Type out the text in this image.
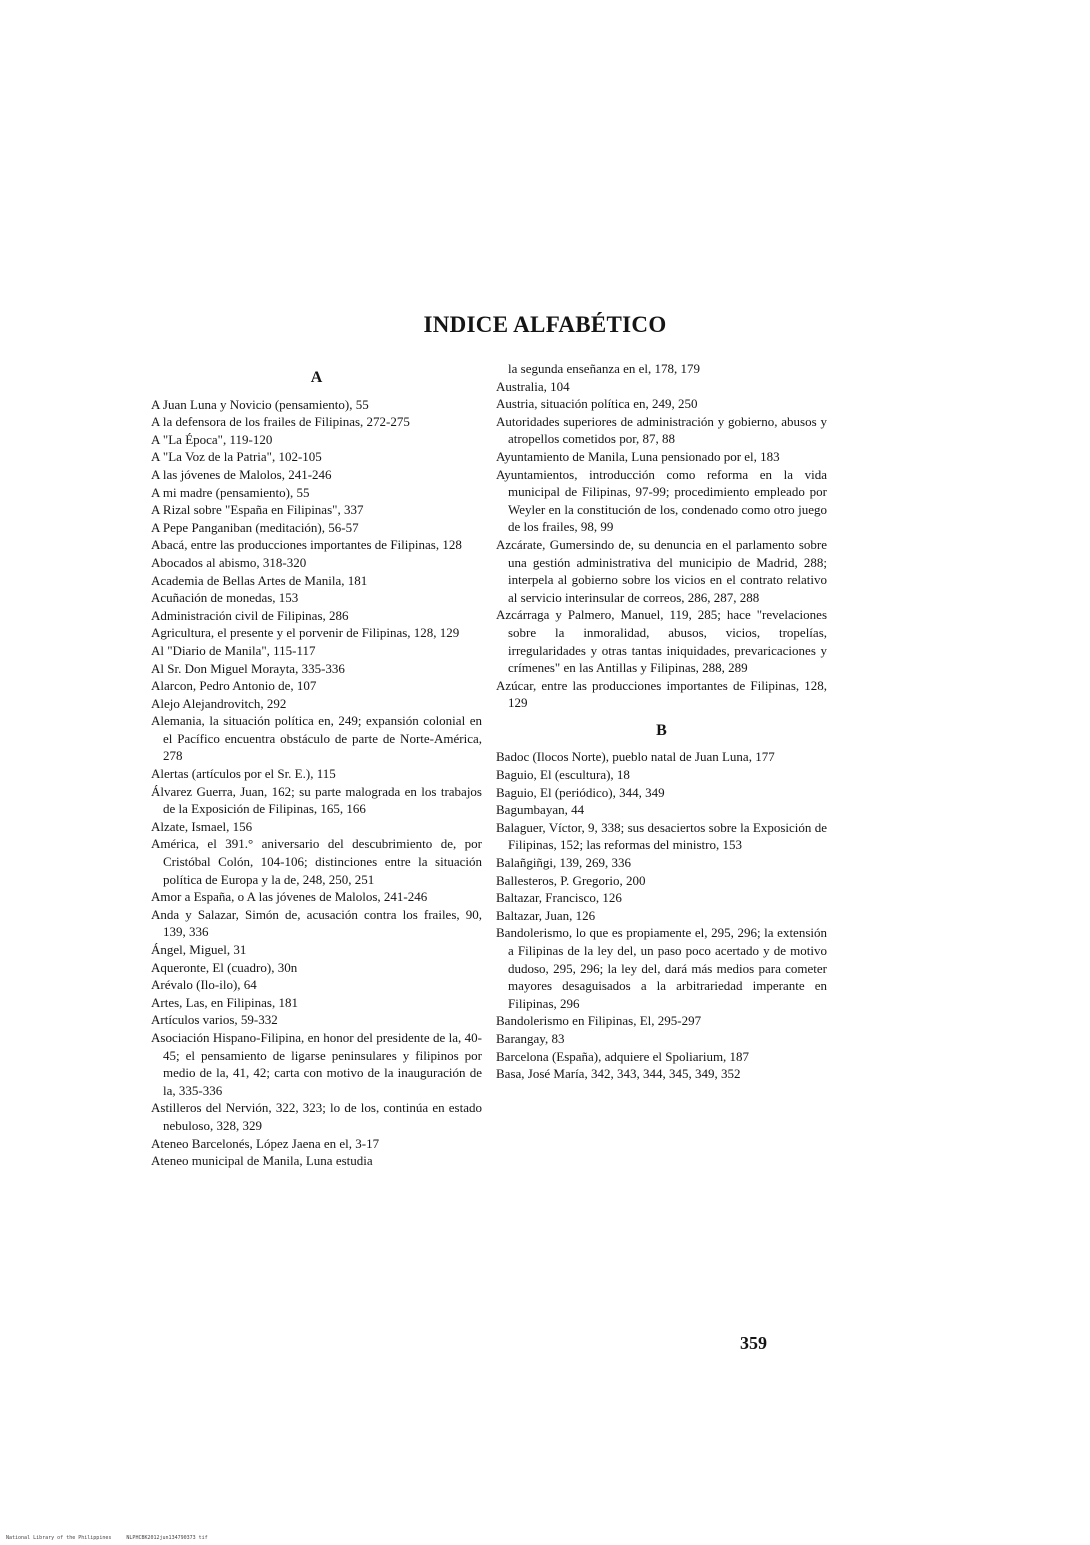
INDICE ALFABÉTICO
A

A Juan Luna y Novicio (pensamiento), 55

A la defensora de los frailes de Filipinas, 272-275

A "La Época", 119-120

A "La Voz de la Patria", 102-105

A las jóvenes de Malolos, 241-246

A mi madre (pensamiento), 55

A Rizal sobre "España en Filipinas", 337

A Pepe Panganiban (meditación), 56-57

Abacá, entre las producciones importantes de Filipinas, 128

Abocados al abismo, 318-320

Academia de Bellas Artes de Manila, 181

Acuñación de monedas, 153

Administración civil de Filipinas, 286

Agricultura, el presente y el porvenir de Filipinas, 128, 129

Al "Diario de Manila", 115-117

Al Sr. Don Miguel Morayta, 335-336

Alarcon, Pedro Antonio de, 107

Alejo Alejandrovitch, 292

Alemania, la situación política en, 249; expansión colonial en el Pacífico encuentra obstáculo de parte de Norte-América, 278

Alertas (artículos por el Sr. E.), 115

Álvarez Guerra, Juan, 162; su parte malograda en los trabajos de la Exposición de Filipinas, 165, 166

Alzate, Ismael, 156

América, el 391.° aniversario del descubrimiento de, por Cristóbal Colón, 104-106; distinciones entre la situación política de Europa y la de, 248, 250, 251

Amor a España, o A las jóvenes de Malolos, 241-246

Anda y Salazar, Simón de, acusación contra los frailes, 90, 139, 336

Ángel, Miguel, 31

Aqueronte, El (cuadro), 30n

Arévalo (Ilo-ilo), 64

Artes, Las, en Filipinas, 181

Artículos varios, 59-332

Asociación Hispano-Filipina, en honor del presidente de la, 40-45; el pensamiento de ligarse peninsulares y filipinos por medio de la, 41, 42; carta con motivo de la inauguración de la, 335-336

Astilleros del Nervión, 322, 323; lo de los, continúa en estado nebuloso, 328, 329

Ateneo Barcelonés, López Jaena en el, 3-17

Ateneo municipal de Manila, Luna estudia

la segunda enseñanza en el, 178, 179

Australia, 104

Austria, situación política en, 249, 250

Autoridades superiores de administración y gobierno, abusos y atropellos cometidos por, 87, 88

Ayuntamiento de Manila, Luna pensionado por el, 183

Ayuntamientos, introducción como reforma en la vida municipal de Filipinas, 97-99; procedimiento empleado por Weyler en la constitución de los, condenado como otro juego de los frailes, 98, 99

Azcárate, Gumersindo de, su denuncia en el parlamento sobre una gestión administrativa del municipio de Madrid, 288; interpela al gobierno sobre los vicios en el contrato relativo al servicio interinsular de correos, 286, 287, 288

Azcárraga y Palmero, Manuel, 119, 285; hace "revelaciones sobre la inmoralidad, abusos, vicios, tropelías, irregularidades y otras tantas iniquidades, prevaricaciones y crímenes" en las Antillas y Filipinas, 288, 289

Azúcar, entre las producciones importantes de Filipinas, 128, 129

B

Badoc (Ilocos Norte), pueblo natal de Juan Luna, 177

Baguio, El (escultura), 18

Baguio, El (periódico), 344, 349

Bagumbayan, 44

Balaguer, Víctor, 9, 338; sus desaciertos sobre la Exposición de Filipinas, 152; las reformas del ministro, 153

Balañgiñgi, 139, 269, 336

Ballesteros, P. Gregorio, 200

Baltazar, Francisco, 126

Baltazar, Juan, 126

Bandolerismo, lo que es propiamente el, 295, 296; la extensión a Filipinas de la ley del, un paso poco acertado y de motivo dudoso, 295, 296; la ley del, dará más medios para cometer mayores desaguisados a la arbitrariedad imperante en Filipinas, 296

Bandolerismo en Filipinas, El, 295-297

Barangay, 83

Barcelona (España), adquiere el Spoliarium, 187

Basa, José María, 342, 343, 344, 345, 349, 352

359
National Library of the Philippines     NLPHCBK2012jun134790373 tif
